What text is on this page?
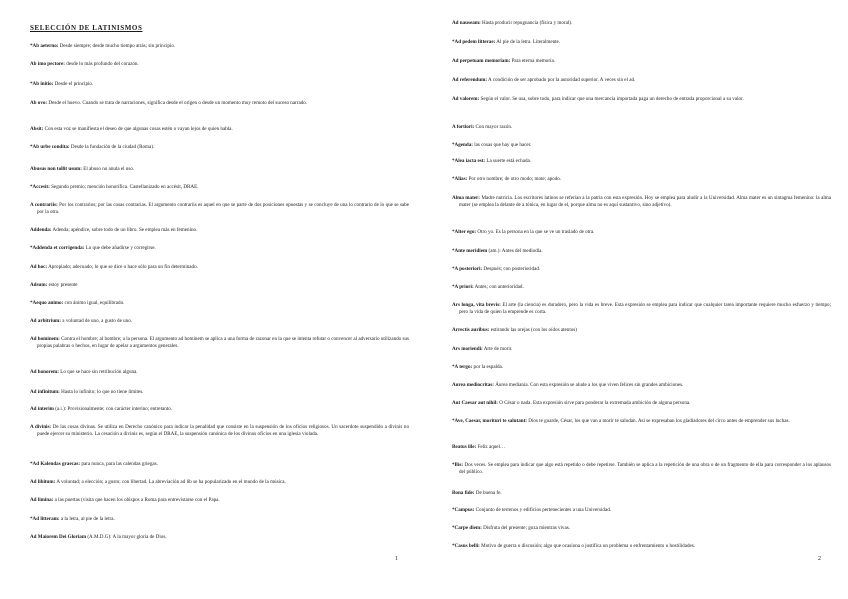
SELECCIÓN DE LATINISMOS

*Ab aeterno: Desde siempre; desde mucho tiempo atrás; sin principio.

Ab imo pectore: desde lo más profundo del corazón.

*Ab initio: Desde el principio.

Ab ovo: Desde el huevo. Cuando se trata de narraciones, significa desde el origen o desde un momento muy remoto del suceso narrado.

Absit: Con esta voz se manifiesta el deseo de que algunas cosas estén o vayan lejos de quien habla.

*Ab urbe condita: Desde la fundación de la ciudad (Roma).

Abusus non tollit usum: El abuso no anula el uso.

*Accesit: Segundo premio; mención honorífica. Castellanizado en accésit, DRAE.

A contrariis: Por los contrarios; por las cosas contrarias. El argumento contrariis es aquel en que se parte de dos posiciones opuestas y se concluye de una lo contrario de lo que se sabe por la otra.

Addenda: Adenda; apéndice, sobre todo de un libro. Se emplea más en femenino.

*Addenda et corrigenda: Lo que debe añadirse y corregirse.

Ad hoc: Apropiado; adecuado; lo que se dice o hace sólo para un fin determinado.

Adsum: estoy presente

*Aequo animo: con ánimo igual, equilibrado.

Ad arbitrium: a voluntad de uno, a gusto de uno.

Ad hominem: Contra el hombre; al hombre; a la persona. El argumento ad hominem se aplica a una forma de razonar en la que se intenta refutar o convencer al adversario utilizando sus propias palabras o hechos, en lugar de apelar a argumentos generales.

Ad honorem: Lo que se hace sin retribución alguna.

Ad infinitum: Hasta lo infinito; lo que no tiene límites.

Ad interim (a.i.): Provisionalmente; con carácter interino; entretanto.

A divinis: De las cosas divinas. Se utiliza en Derecho canónico para indicar la penalidad que consiste en la suspensión de los oficios religiosos. Un sacerdote suspendido a divinis no puede ejercer su ministerio. La cesación a divinis es, según el DRAE, la suspensión canónica de los divinos oficios en una iglesia violada.

*Ad Kalendas graecas: para nunca, para las calendas griegas.

Ad libitum: A voluntad; a elección; a gusto; con libertad. La abreviación ad lib se ha popularizado en el mundo de la música.

Ad limina: a las puertas (visita que hacen los obispos a Roma para entrevistarse con el Papa.

*Ad litteram: a la letra, al pie de la letra.

Ad Maiorem Dei Gloriam (A.M.D.G): A la mayor gloria de Dios.

1

Ad nauseam: Hasta producir repugnancia (física y moral).

*Ad pedem litterae: Al pie de la letra. Literalmente.

Ad perpetuam memoriam: Para eterna memoria.

Ad referendum: A condición de ser aprobado por la autoridad superior. A veces sin el ad.

Ad valorem: Según el valor. Se usa, sobre todo, para indicar que una mercancía importada paga un derecho de entrada proporcional a su valor.

A fortiori: Con mayor razón.

*Agenda: las cosas que hay que hacer.

*Alea iacta est: La suerte está echada.

*Alias: Por otro nombre; de otro modo; mote; apodo.

Alma mater: Madre nutricia. Los escritores latinos se referían a la patria con esta expresión. Hoy se emplea para aludir a la Universidad. Alma mater es un sintagma femenino: la alma mater (se emplea la delante de a tónica, en lugar de el, porque alma no es aquí sustantivo, sino adjetivo).

*Alter ego: Otro yo. Es la persona en la que se ve un traslado de otra.

*Ante meridiem (am.): Antes del mediodía.

*A posteriori: Después; con posterioridad.

*A priori: Antes; con anterioridad.

Ars longa, vita brevis: El arte (la ciencia) es duradero, pero la vida es breve. Esta expresión se emplea para indicar que cualquier tarea importante requiere mucho esfuerzo y tiempo; pero la vida de quien la emprende es corta.

Arrectis auribus: estirando las orejas (con los oídos atentos)

Ars moriendi: Arte de morir.

*A tergo: por la espalda.

Aurea mediocritas: Áurea medianía. Con esta expresión se alude a los que viven felices sin grandes ambiciones.

Aut Caesar aut nihil: O César o nada. Esta expresión sirve para ponderar la extremada ambición de alguna persona.

*Ave, Caesar, morituri te salutant: Dios te guarde, César, los que van a morir te saludan. Así se expresaban los gladiadores del circo antes de emprender sus luchas.

Beatus ille: Feliz aquel…

*Bis: Dos veces. Se emplea para indicar que algo está repetido o debe repetirse. También se aplica a la repetición de una obra o de un fragmento de ella para corresponder a los aplausos del público.

Bona fide: De buena fe.

*Campus: Conjunto de terrenos y edificios pertenecientes a una Universidad.

*Carpe diem: Disfruta del presente; goza mientras vivas.

*Casus belli: Motivo de guerra o discusión; algo que ocasiona o justifica un problema o enfrentamiento u hostilidades.

2
